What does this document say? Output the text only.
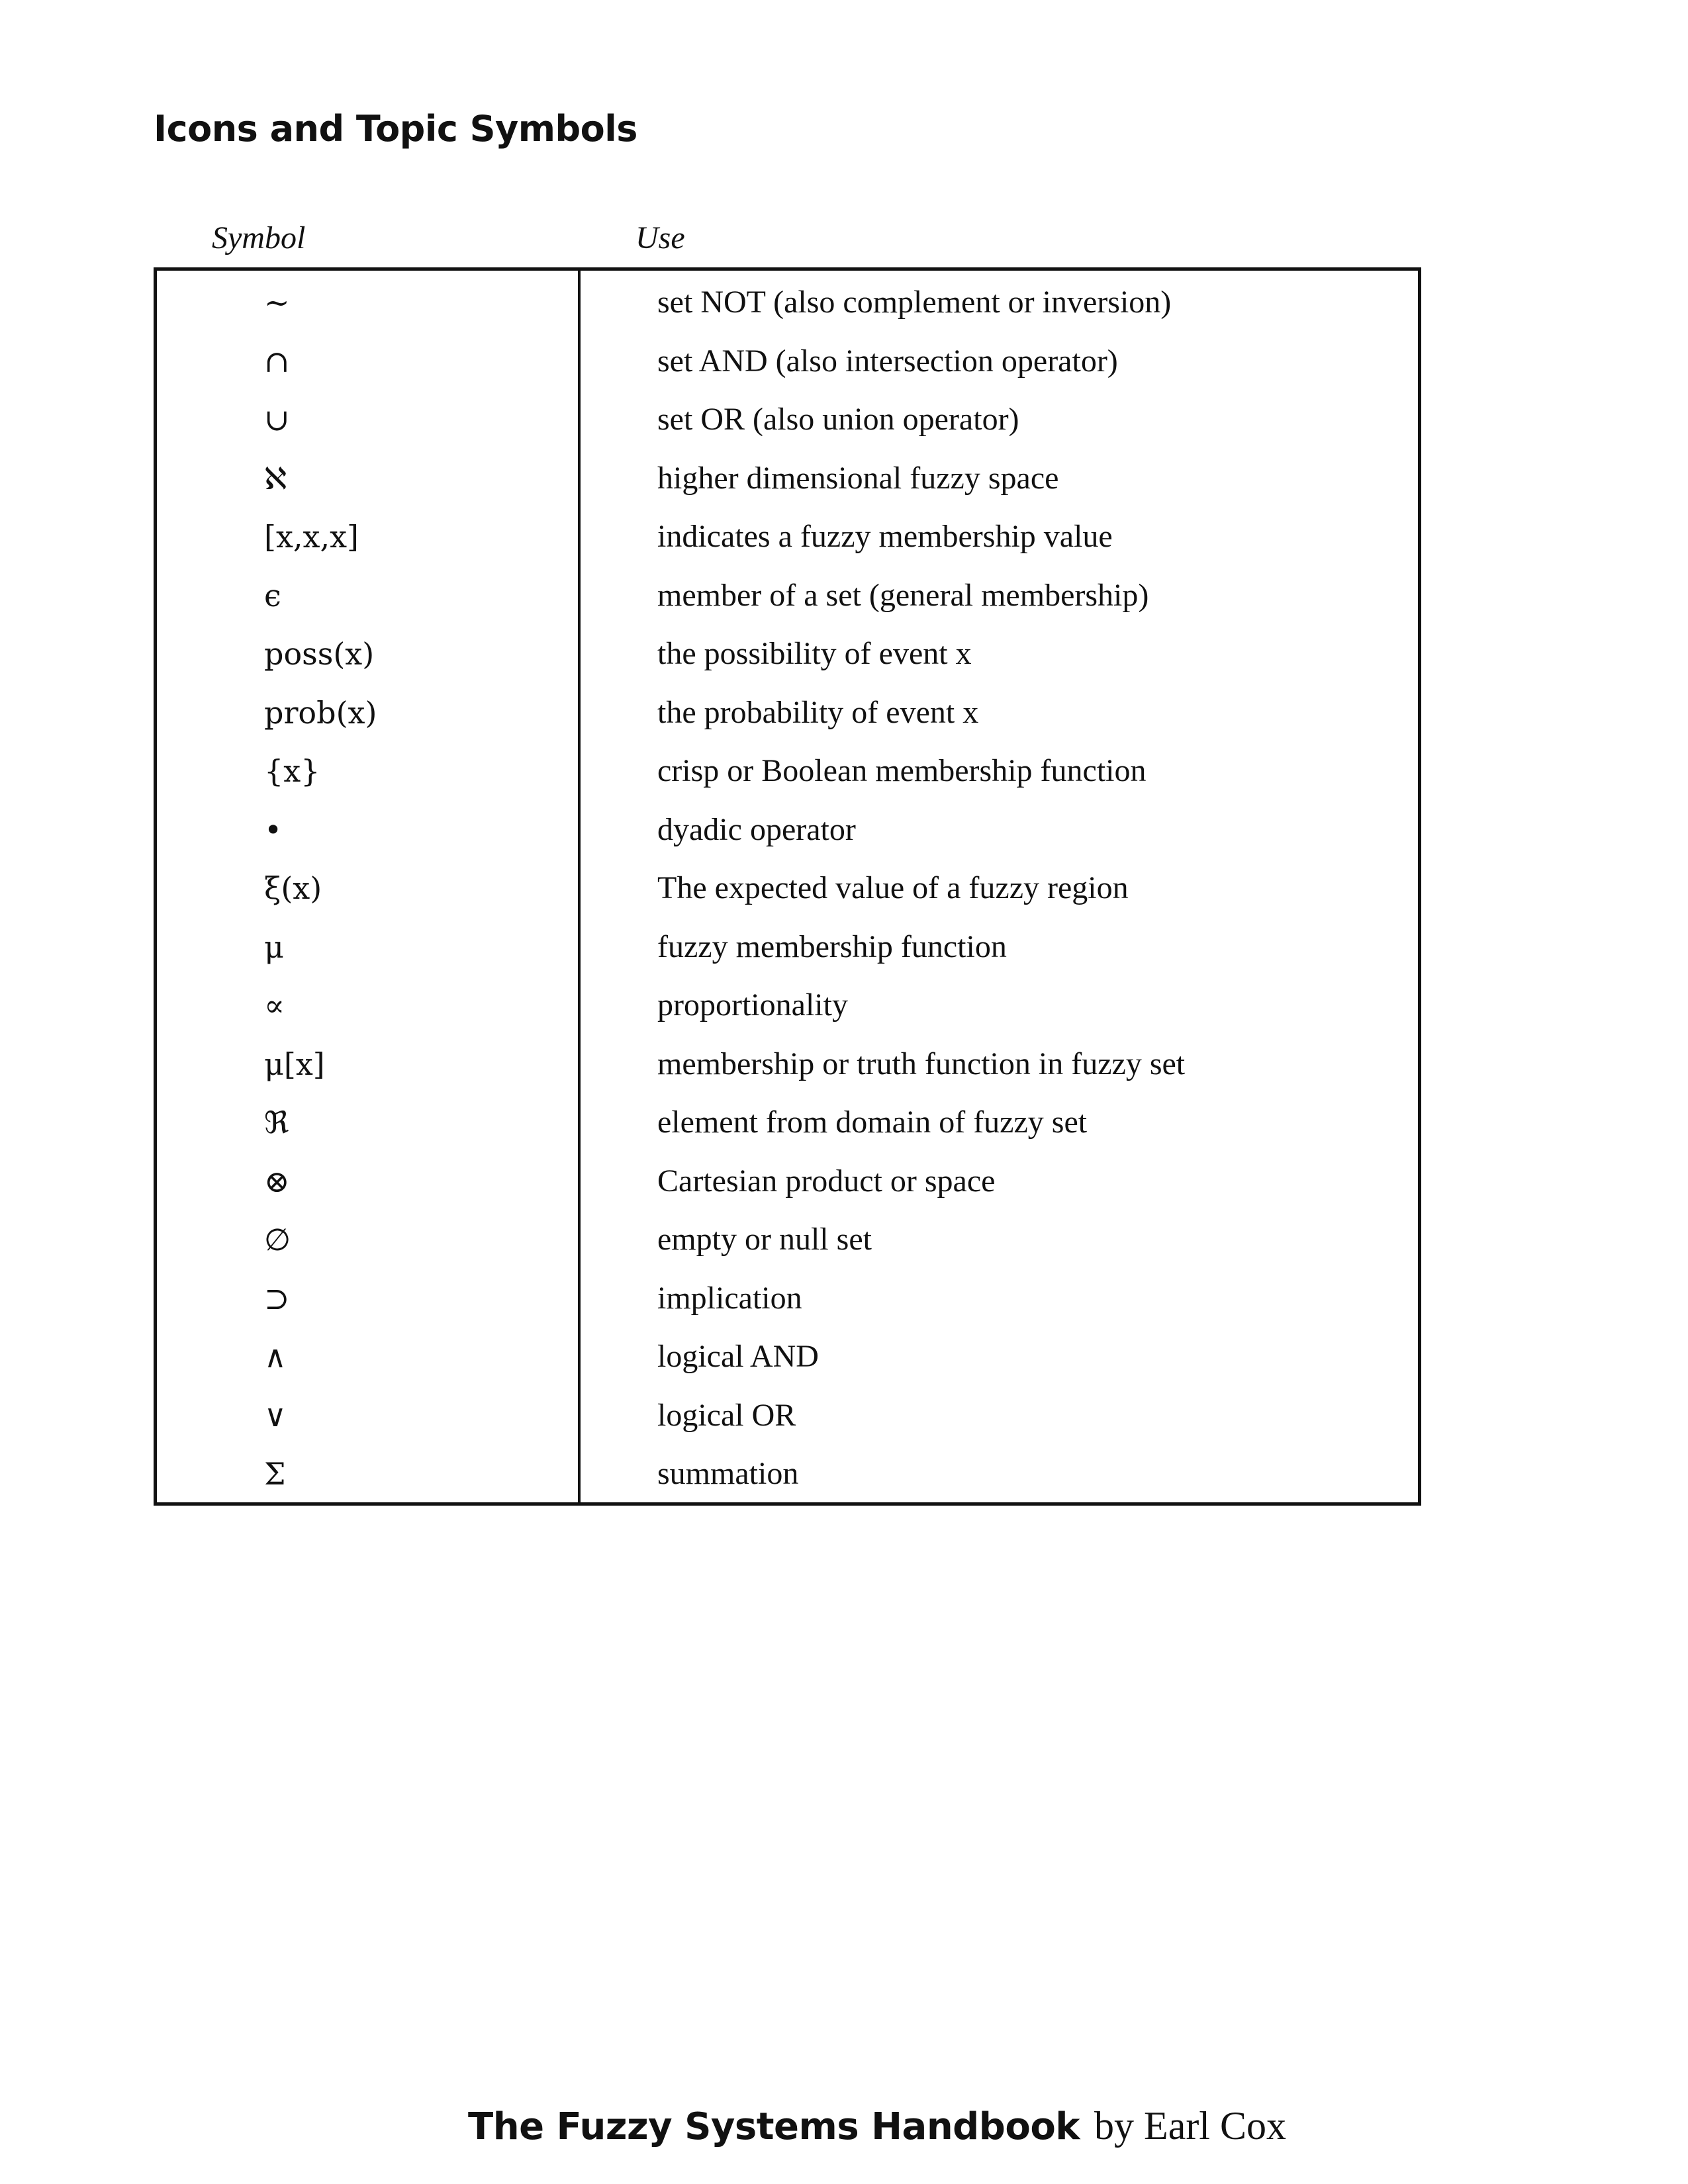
Icons and Topic Symbols
Symbol	Use
~	set NOT (also complement or inversion)
∩	set AND (also intersection operator)
∪	set OR (also union operator)
ℵ	higher dimensional fuzzy space
[x,x,x]	indicates a fuzzy membership value
ϵ	member of a set (general membership)
poss(x)	the possibility of event x
prob(x)	the probability of event x
{x}	crisp or Boolean membership function
•	dyadic operator
ξ(x)	The expected value of a fuzzy region
μ	fuzzy membership function
∝	proportionality
μ[x]	membership or truth function in fuzzy set
ℜ	element from domain of fuzzy set
⊗	Cartesian product or space
∅	empty or null set
⊃	implication
∧	logical AND
∨	logical OR
Σ	summation
The Fuzzy Systems Handbook by Earl Cox
